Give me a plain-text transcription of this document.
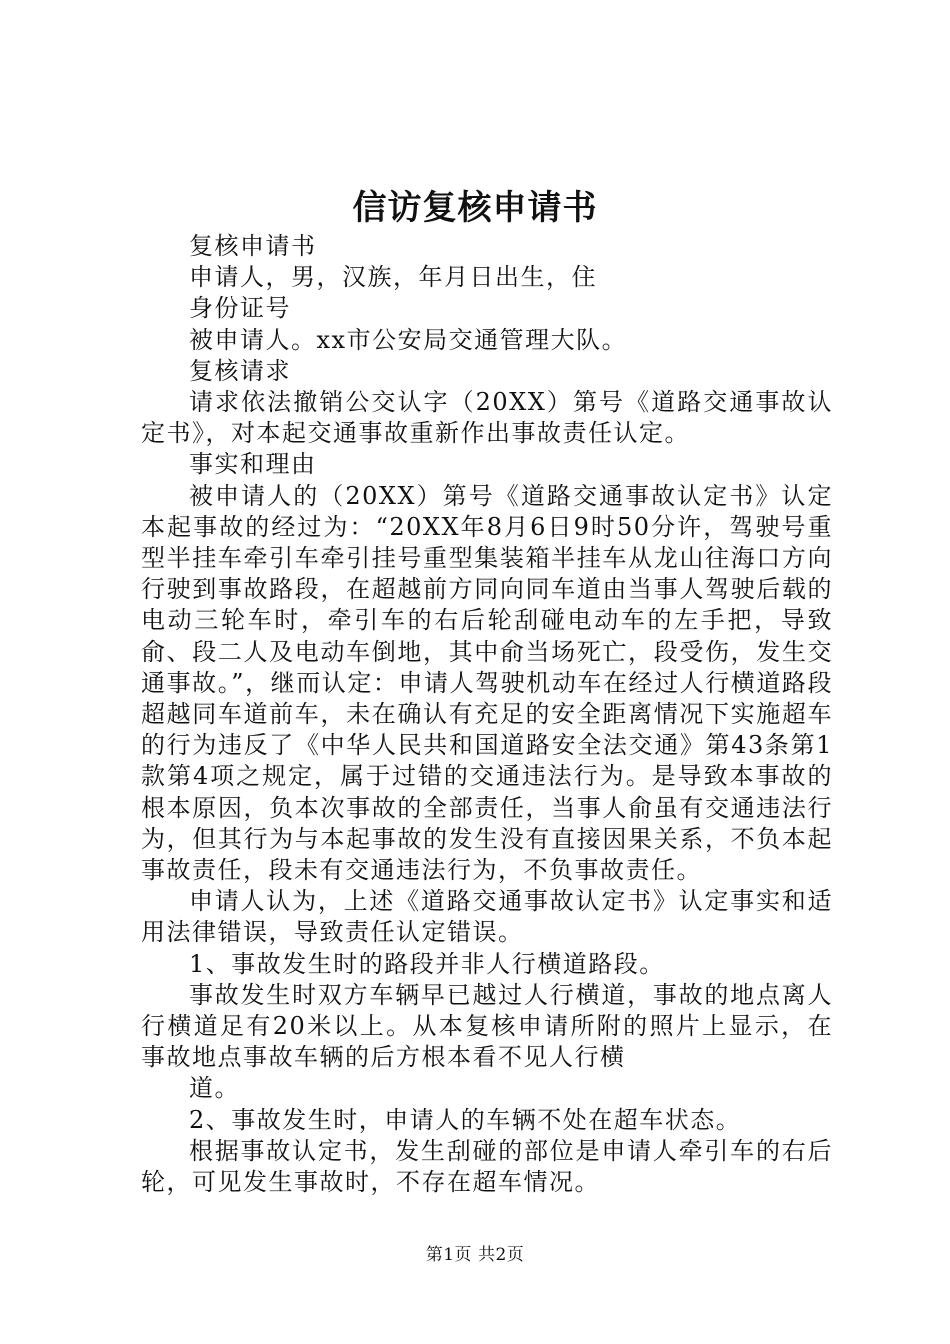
信访复核申请书

复核申请书

申请人，男，汉族，年月日出生，住

身份证号

被申请人。xx市公安局交通管理大队。

复核请求

请求依法撤销公交认字（20XX）第号《道路交通事故认定书》，对本起交通事故重新作出事故责任认定。

事实和理由

被申请人的（20XX）第号《道路交通事故认定书》认定本起事故的经过为：“20XX年8月6日9时50分许，驾驶号重型半挂车牵引车牵引挂号重型集装箱半挂车从龙山往海口方向行驶到事故路段，在超越前方同向同车道由当事人驾驶后载的电动三轮车时，牵引车的右后轮刮碰电动车的左手把，导致俞、段二人及电动车倒地，其中俞当场死亡，段受伤，发生交通事故。”，继而认定：申请人驾驶机动车在经过人行横道路段超越同车道前车，未在确认有充足的安全距离情况下实施超车的行为违反了《中华人民共和国道路安全法交通》第43条第1款第4项之规定，属于过错的交通违法行为。是导致本事故的根本原因，负本次事故的全部责任，当事人俞虽有交通违法行为，但其行为与本起事故的发生没有直接因果关系，不负本起事故责任，段未有交通违法行为，不负事故责任。

申请人认为，上述《道路交通事故认定书》认定事实和适用法律错误，导致责任认定错误。

1、事故发生时的路段并非人行横道路段。

事故发生时双方车辆早已越过人行横道，事故的地点离人行横道足有20米以上。从本复核申请所附的照片上显示，在事故地点事故车辆的后方根本看不见人行横

道。

2、事故发生时，申请人的车辆不处在超车状态。

根据事故认定书，发生刮碰的部位是申请人牵引车的右后轮，可见发生事故时，不存在超车情况。

第1页 共2页
